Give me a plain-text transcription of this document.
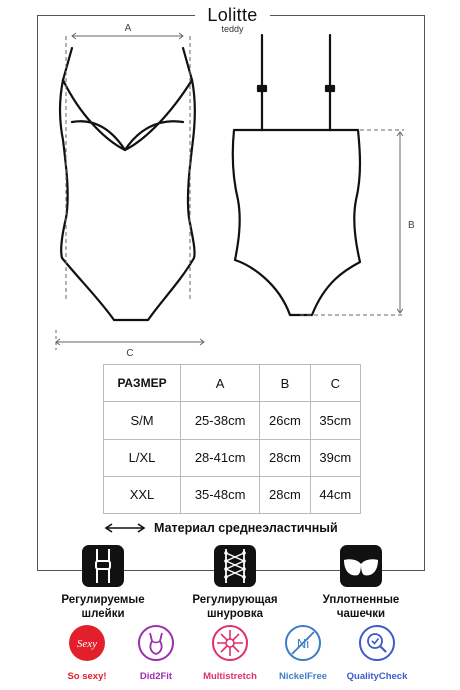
Lolitte
teddy
A
C
B
РАЗМЕР	A	B	C
S/M	25-38cm	26cm	35cm
L/XL	28-41cm	28cm	39cm
XXL	35-48cm	28cm	44cm
Материал среднеэластичный
Регулируемые
шлейки
Регулирующая
шнуровка
Уплотненные
чашечки
Sexy
So sexy!	Did2Fit	Multistretch
Ni
NickelFree	QualityCheck
